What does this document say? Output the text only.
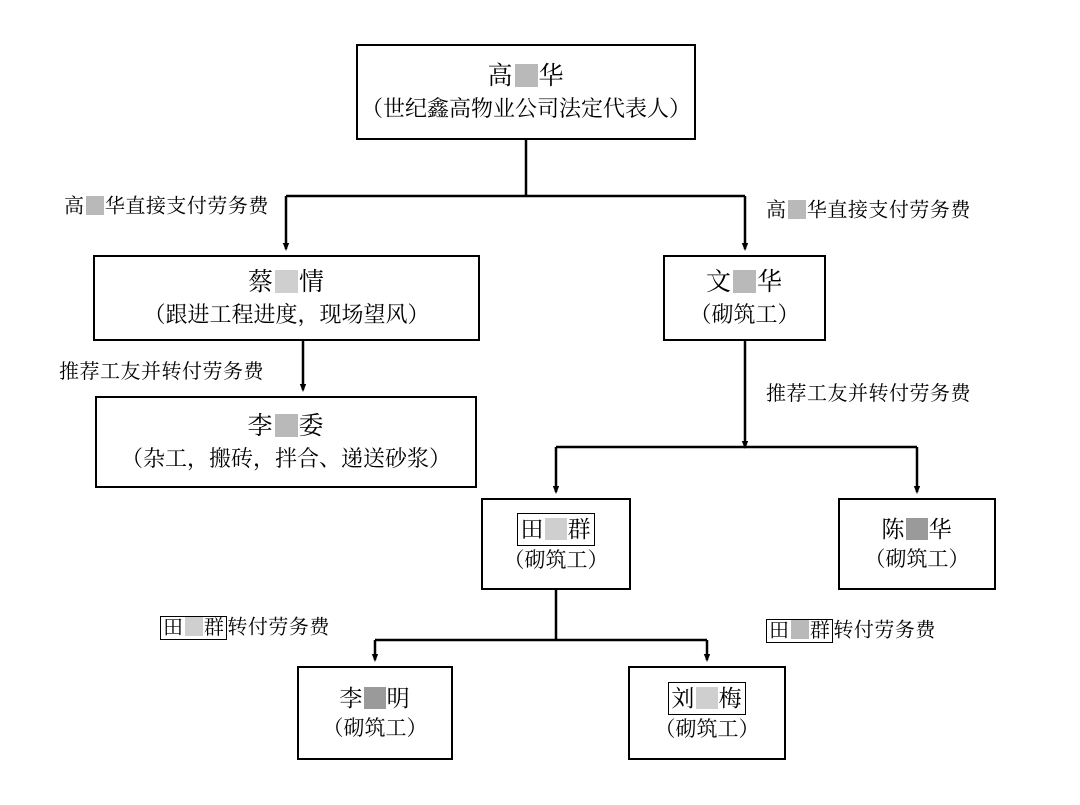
高 华
（世纪鑫高物业公司法定代表人）
蔡 情
（跟进工程进度，现场望风）
文 华
（砌筑工）
李 委
（杂工，搬砖，拌合、递送砂浆）
田 群
（砌筑工）
陈 华
（砌筑工）
李 明
（砌筑工）
刘 梅
（砌筑工）
高 华直接支付劳务费	高 华直接支付劳务费
推荐工友并转付劳务费
推荐工友并转付劳务费
田 群 转付劳务费	田 群 转付劳务费
